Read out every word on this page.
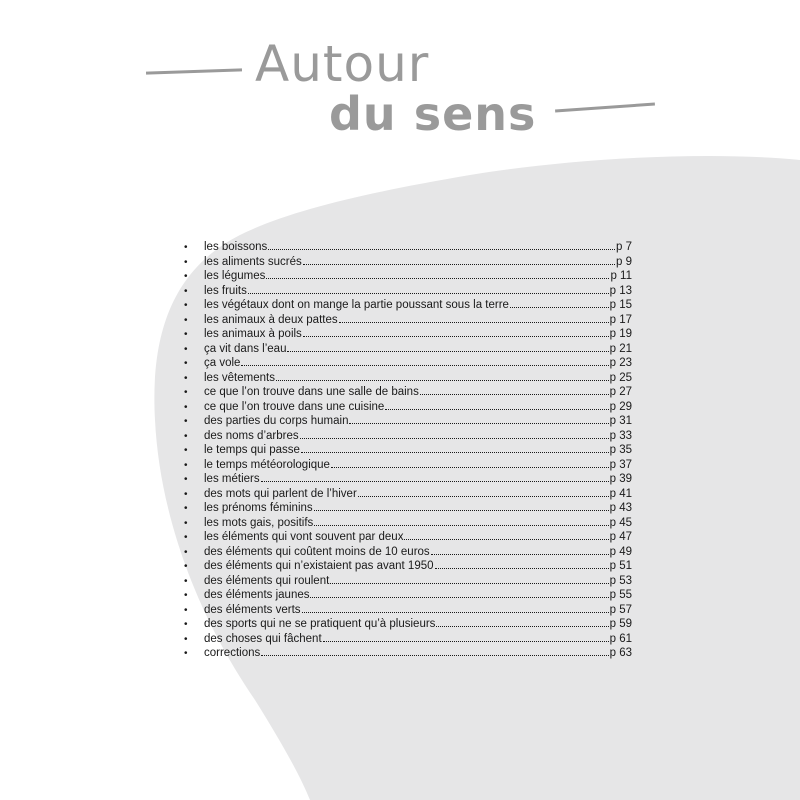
Autour
du sens
•	les boissons	p 7
•	les aliments sucrés	p 9
•	les légumes	p 11
•	les fruits	p 13
•	les végétaux dont on mange la partie poussant sous la terre	p 15
•	les animaux à deux pattes	p 17
•	les animaux à poils	p 19
•	ça vit dans l’eau	p 21
•	ça vole	p 23
•	les vêtements	p 25
•	ce que l’on trouve dans une salle de bains	p 27
•	ce que l’on trouve dans une cuisine	p 29
•	des parties du corps humain	p 31
•	des noms d’arbres	p 33
•	le temps qui passe	p 35
•	le temps météorologique	p 37
•	les métiers	p 39
•	des mots qui parlent de l’hiver	p 41
•	les prénoms féminins	p 43
•	les mots gais, positifs	p 45
•	les éléments qui vont souvent par deux	p 47
•	des éléments qui coûtent moins de 10 euros	p 49
•	des éléments qui n’existaient pas avant 1950	p 51
•	des éléments qui roulent	p 53
•	des éléments jaunes	p 55
•	des éléments verts	p 57
•	des sports qui ne se pratiquent qu’à plusieurs	p 59
•	des choses qui fâchent	p 61
•	corrections	p 63
